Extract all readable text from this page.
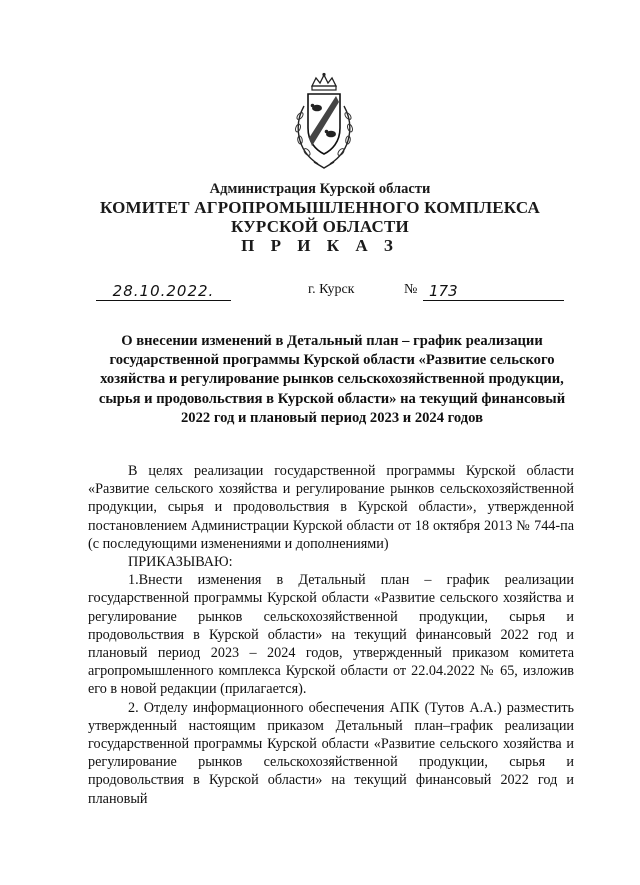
Администрация Курской области
КОМИТЕТ АГРОПРОМЫШЛЕННОГО КОМПЛЕКСА
КУРСКОЙ ОБЛАСТИ
П Р И К А З
28.10.2022.	г. Курск	№ 173
О внесении изменений в Детальный план – график реализации государственной программы Курской области «Развитие сельского хозяйства и регулирование рынков сельскохозяйственной продукции, сырья и продовольствия в Курской области» на текущий финансовый 2022 год и плановый период 2023 и 2024 годов

В целях реализации государственной программы Курской области «Развитие сельского хозяйства и регулирование рынков сельскохозяйственной продукции, сырья и продовольствия в Курской области», утвержденной постановлением Администрации Курской области от 18 октября 2013 № 744-па (с последующими изменениями и дополнениями)

ПРИКАЗЫВАЮ:

1.Внести изменения в Детальный план – график реализации государственной программы Курской области «Развитие сельского хозяйства и регулирование рынков сельскохозяйственной продукции, сырья и продовольствия в Курской области» на текущий финансовый 2022 год и плановый период 2023 – 2024 годов, утвержденный приказом комитета агропромышленного комплекса Курской области от 22.04.2022 № 65, изложив его в новой редакции (прилагается).

2. Отделу информационного обеспечения АПК (Тутов А.А.) разместить утвержденный настоящим приказом Детальный план–график реализации государственной программы Курской области «Развитие сельского хозяйства и регулирование рынков сельскохозяйственной продукции, сырья и продовольствия в Курской области» на текущий финансовый 2022 год и плановый
